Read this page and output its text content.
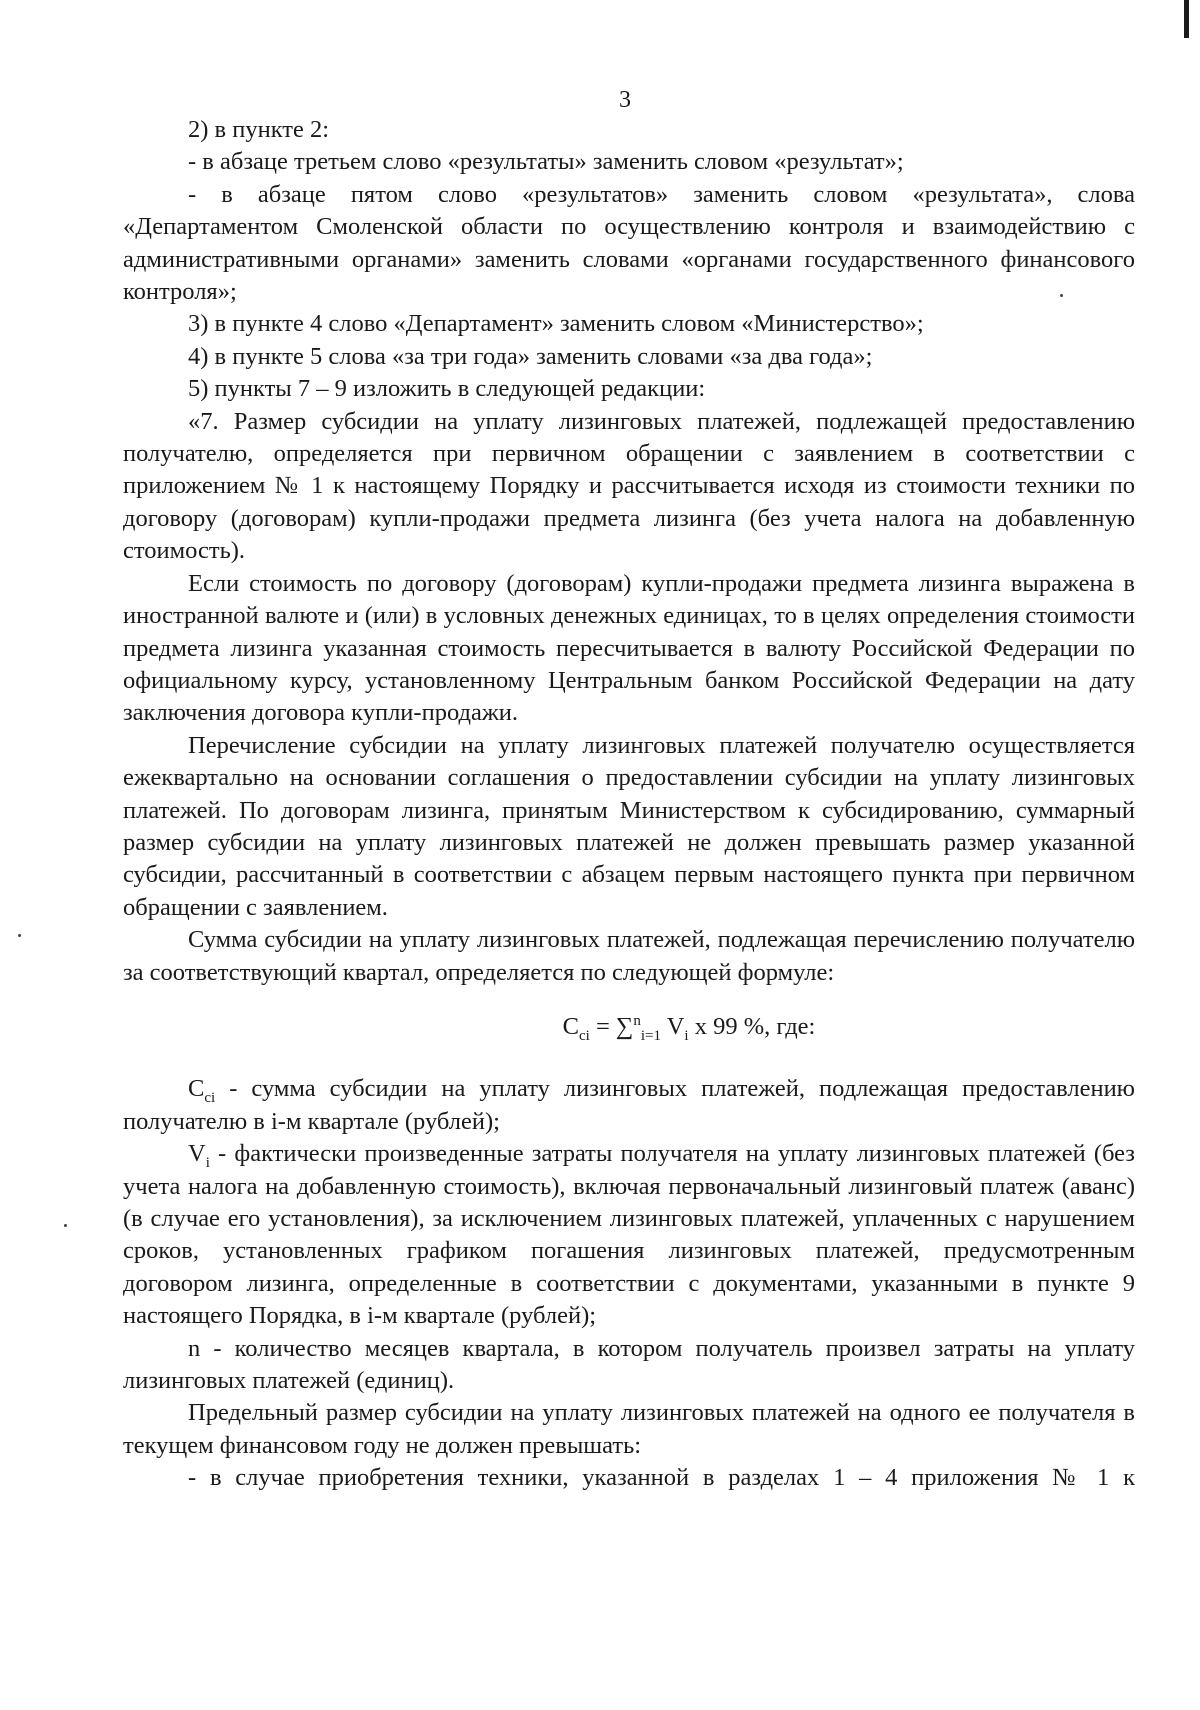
3

2) в пункте 2:

- в абзаце третьем слово «результаты» заменить словом «результат»;

- в абзаце пятом слово «результатов» заменить словом «результата», слова «Департаментом Смоленской области по осуществлению контроля и взаимодействию с административными органами» заменить словами «органами государственного финансового контроля»;

3) в пункте 4 слово «Департамент» заменить словом «Министерство»;

4) в пункте 5 слова «за три года» заменить словами «за два года»;

5) пункты 7 – 9 изложить в следующей редакции:

«7. Размер субсидии на уплату лизинговых платежей, подлежащей предоставлению получателю, определяется при первичном обращении с заявлением в соответствии с приложением № 1 к настоящему Порядку и рассчитывается исходя из стоимости техники по договору (договорам) купли-продажи предмета лизинга (без учета налога на добавленную стоимость).

Если стоимость по договору (договорам) купли-продажи предмета лизинга выражена в иностранной валюте и (или) в условных денежных единицах, то в целях определения стоимости предмета лизинга указанная стоимость пересчитывается в валюту Российской Федерации по официальному курсу, установленному Центральным банком Российской Федерации на дату заключения договора купли-продажи.

Перечисление субсидии на уплату лизинговых платежей получателю осуществляется ежеквартально на основании соглашения о предоставлении субсидии на уплату лизинговых платежей. По договорам лизинга, принятым Министерством к субсидированию, суммарный размер субсидии на уплату лизинговых платежей не должен превышать размер указанной субсидии, рассчитанный в соответствии с абзацем первым настоящего пункта при первичном обращении с заявлением.

Сумма субсидии на уплату лизинговых платежей, подлежащая перечислению получателю за соответствующий квартал, определяется по следующей формуле:

$C_{ci} = \sum^n_{i=1}$ $V_i$ x 99 %, где:

$C_{ci}$ - сумма субсидии на уплату лизинговых платежей, подлежащая предоставлению получателю в i-м квартале (рублей);

$V_i$ - фактически произведенные затраты получателя на уплату лизинговых платежей (без учета налога на добавленную стоимость), включая первоначальный лизинговый платеж (аванс) (в случае его установления), за исключением лизинговых платежей, уплаченных с нарушением сроков, установленных графиком погашения лизинговых платежей, предусмотренным договором лизинга, определенные в соответствии с документами, указанными в пункте 9 настоящего Порядка, в i-м квартале (рублей);

n - количество месяцев квартала, в котором получатель произвел затраты на уплату лизинговых платежей (единиц).

Предельный размер субсидии на уплату лизинговых платежей на одного ее получателя в текущем финансовом году не должен превышать:

- в случае приобретения техники, указанной в разделах 1 – 4 приложения № 1 к
